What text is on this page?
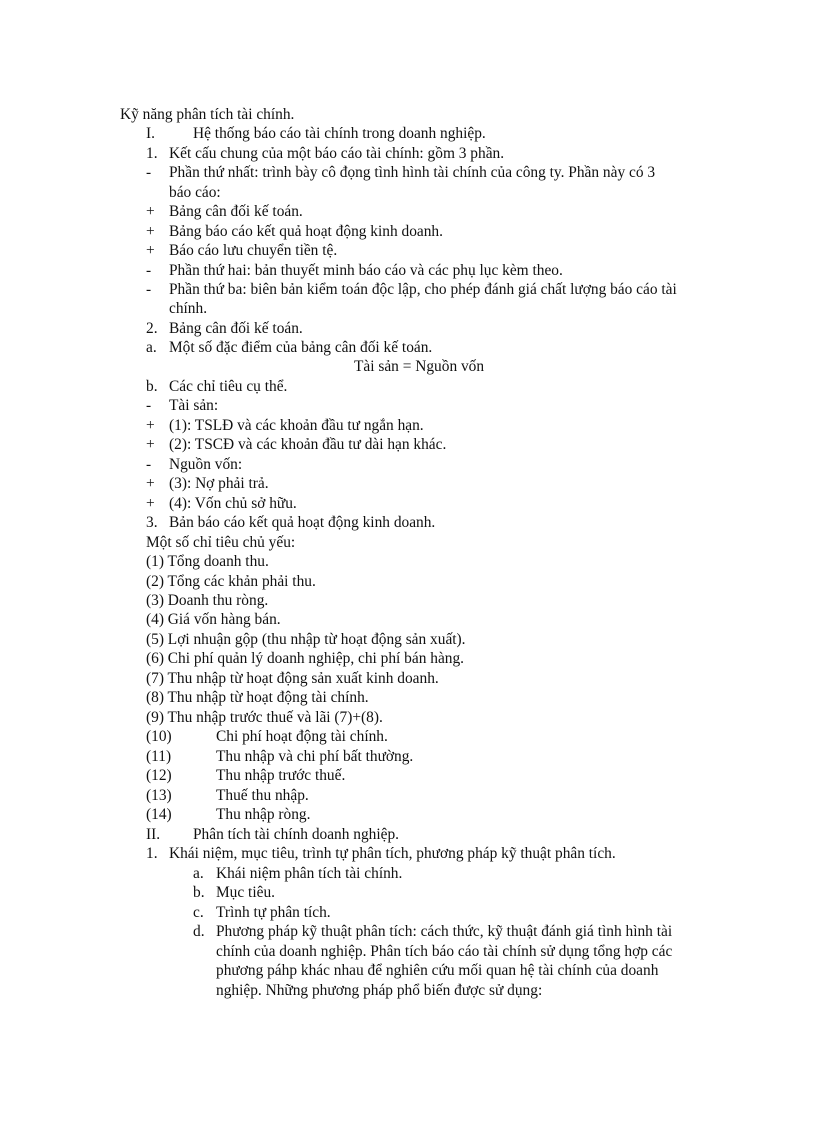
Kỹ năng phân tích tài chính.
I. Hệ thống báo cáo tài chính trong doanh nghiệp.
1. Kết cấu chung của một báo cáo tài chính: gồm 3 phần.
- Phần thứ nhất: trình bày cô đọng tình hình tài chính của công ty. Phần này có 3
báo cáo:
+ Bảng cân đối kế toán.
+ Bảng báo cáo kết quả hoạt động kinh doanh.
+ Báo cáo lưu chuyển tiền tệ.
- Phần thứ hai: bản thuyết minh báo cáo và các phụ lục kèm theo.
- Phần thứ ba: biên bản kiểm toán độc lập, cho phép đánh giá chất lượng báo cáo tài
chính.
2. Bảng cân đối kế toán.
a. Một số đặc điểm của bảng cân đối kế toán.
Tài sản = Nguồn vốn
b. Các chỉ tiêu cụ thể.
- Tài sản:
+ (1): TSLĐ và các khoản đầu tư ngắn hạn.
+ (2): TSCĐ và các khoản đầu tư dài hạn khác.
- Nguồn vốn:
+ (3): Nợ phải trả.
+ (4): Vốn chủ sở hữu.
3. Bản báo cáo kết quả hoạt động kinh doanh.
Một số chỉ tiêu chủ yếu:
(1) Tổng doanh thu.
(2) Tổng các khản phải thu.
(3) Doanh thu ròng.
(4) Giá vốn hàng bán.
(5) Lợi nhuận gộp (thu nhập từ hoạt động sản xuất).
(6) Chi phí quản lý doanh nghiệp, chi phí bán hàng.
(7) Thu nhập từ hoạt động sản xuất kinh doanh.
(8) Thu nhập từ hoạt động tài chính.
(9) Thu nhập trước thuế và lãi (7)+(8).
(10)	Chi phí hoạt động tài chính.
(11)	Thu nhập và chi phí bất thường.
(12)	Thu nhập trước thuế.
(13)	Thuế thu nhập.
(14)	Thu nhập ròng.
II. Phân tích tài chính doanh nghiệp.
1. Khái niệm, mục tiêu, trình tự phân tích, phương pháp kỹ thuật phân tích.
a. Khái niệm phân tích tài chính.
b. Mục tiêu.
c. Trình tự phân tích.
d. Phương pháp kỹ thuật phân tích: cách thức, kỹ thuật đánh giá tình hình tài
chính của doanh nghiệp. Phân tích báo cáo tài chính sử dụng tổng hợp các
phương páhp khác nhau để nghiên cứu mối quan hệ tài chính của doanh
nghiệp. Những phương pháp phổ biến được sử dụng:
